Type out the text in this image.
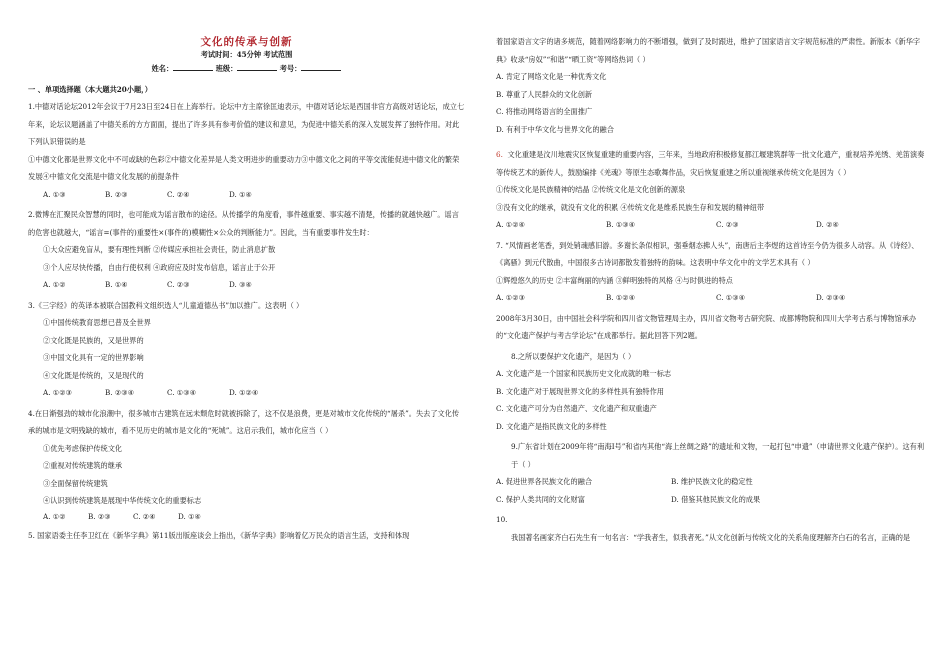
文化的传承与创新
考试时间：45分钟 考试范围
姓名：	班级：	考号：
一 、单项选择题（本大题共20小题，）

1.中德对话论坛2012年会议于7月23日至24日在上海举行。论坛中方主席徐匡迪表示，中德对话论坛是西国非官方高级对话论坛，成立七年来，论坛议题涵盖了中德关系的方方面面，提出了许多具有参考价值的建议和意见，为促进中德关系的深入发展发挥了独特作用。对此下列认识错误的是

①中德文化都是世界文化中不可或缺的色彩②中德文化差异是人类文明进步的重要动力③中德文化之间的平等交流能促进中德文化的繁荣发展④中德文化交流是中德文化发展的前提条件

A. ①③	B. ②③	C. ②④	D. ①④

2.微博在汇聚民众智慧的同时，也可能成为谣言散布的途径。从传播学的角度看，事件越重要、事实越不清楚，传播的就越快越广。谣言的危害也就越大，“谣言=(事件的)重要性×(事件的)模糊性×公众的判断能力”。因此，当有重要事件发生时：

①大众应避免盲从，要有理性判断 ②传媒应承担社会责任，防止消息扩散
③个人应尽快传播，自由行使权利 ④政府应及时发布信息，谣言止于公开
A. ①②	B. ①④	C. ②③	D. ③④

3.《三字经》的英译本被联合国教科文组织选人“儿童道德丛书”加以推广。这表明（ ）

①中国传统教育思想已普及全世界
②文化既是民族的，又是世界的
③中国文化具有一定的世界影响
④文化既是传统的，又是现代的
A. ①②③	B. ②③④	C. ①③④	D. ①②④

4.在日渐强劲的城市化浪潮中，很多城市古建筑在远未颓危时就被拆除了，这不仅是浪费，更是对城市文化传统的“屠杀”。失去了文化传承的城市是文明残缺的城市，看不见历史的城市是文化的“死城”。这启示我们，城市化应当（ ）

①优先考虑保护传统文化
②重视对传统建筑的继承
③全面保留传统建筑
④认识到传统建筑是展现中华传统文化的重要标志
A. ①②	B. ②③	C. ②④	D. ①④

5. 国家语委主任李卫红在《新华字典》第11版出版座谈会上指出，《新华字典》影响着亿万民众的语言生活，支持和体现

着国家语言文字的诸多规范，随着网络影响力的不断增强，做到了及时跟进，维护了国家语言文字规范标准的严肃性。新版本《新华字典》收录“房奴”“和谐”“晒工资”等网络热词（ ）

A. 肯定了网络文化是一种优秀文化
B. 尊重了人民群众的文化创新
C. 将推动网络语言的全面推广
D. 有利于中华文化与世界文化的融合

6. 文化重建是汶川地震灾区恢复重建的重要内容，三年来，当地政府积极修复都江堰建筑群等一批文化遗产，重视培养羌绣、羌笛演奏等传统艺术的新传人，鼓励编排《羌魂》等原生态歌舞作品，灾后恢复重建之所以重视继承传统文化是因为（ ）

①传统文化是民族精神的结晶 ②传统文化是文化创新的源泉
③没有文化的继承，就没有文化的积累 ④传统文化是维系民族生存和发展的精神纽带
A. ①②④	B. ①③④	C. ②③	D. ②④

7. “风情画老笔香，到处销魂感旧游。多谢长条似相识，强垂烟态拂人头”，南唐后主李煜的这首诗至今仍为很多人动容。从《诗经》、《离骚》到元代散曲，中国很多古诗词都散发着独特的韵味。这表明中华文化中的文学艺术具有（ ）

①辉煌悠久的历史 ②丰富绚丽的内涵 ③鲜明独特的风格 ④与时俱进的特点
A. ①②③	B. ①②④	C. ①③④	D. ②③④

2008年3月30日，由中国社会科学院和四川省文物管理局主办，四川省文物考古研究院、成都博物院和四川大学考古系与博物馆承办的“文化遗产保护与考古学论坛”在成都举行。据此回答下列2题。

8.之所以要保护文化遗产，是因为（ ）
A. 文化遗产是一个国家和民族历史文化成就的唯一标志
B. 文化遗产对于展现世界文化的多样性具有独特作用
C. 文化遗产可分为自然遗产、文化遗产和双重遗产
D. 文化遗产是指民族文化的多样性

9.广东省计划在2009年将“南海Ⅰ号”和省内其他“海上丝绸之路”的遗址和文物，一起打包“申遗”（申请世界文化遗产保护）。这有利于（ ）

A. 促进世界各民族文化的融合	B. 维护民族文化的稳定性
C. 保护人类共同的文化财富	D. 借鉴其他民族文化的成果
10.

我国著名画家齐白石先生有一句名言：“学我者生，似我者死。”从文化创新与传统文化的关系角度理解齐白石的名言，正确的是
